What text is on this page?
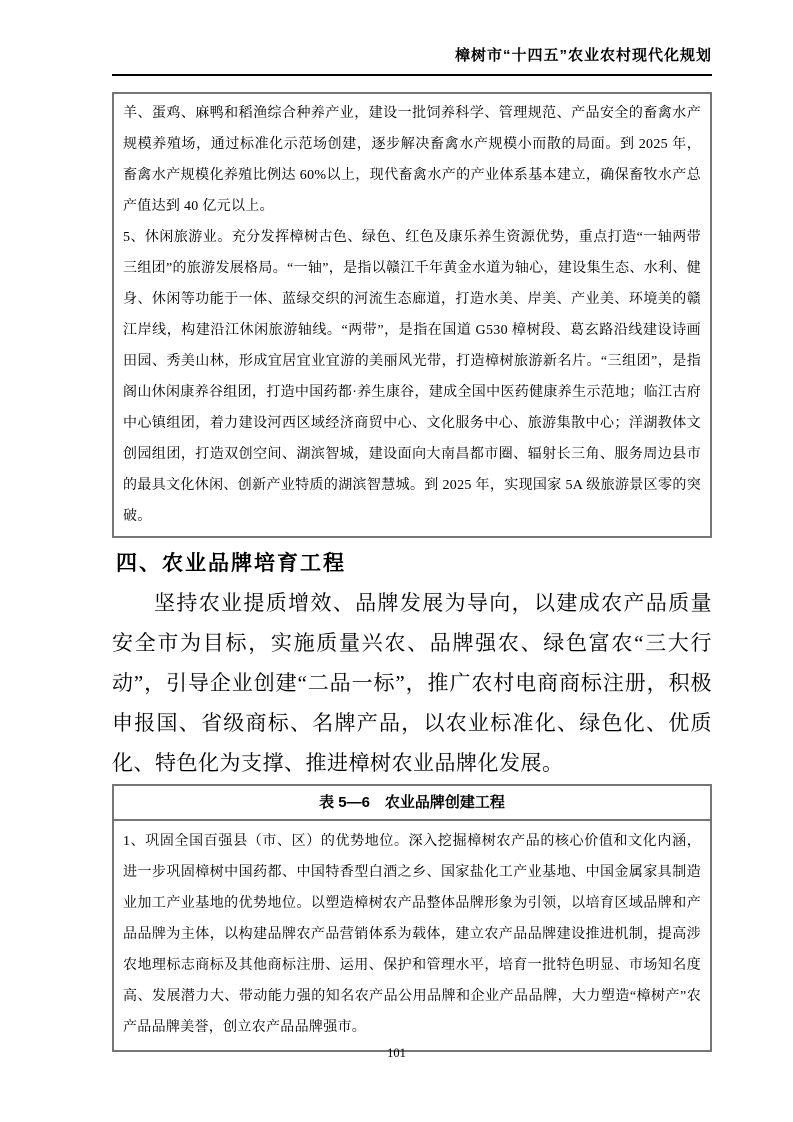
樟树市“十四五”农业农村现代化规划

羊、蛋鸡、麻鸭和稻渔综合种养产业，建设一批饲养科学、管理规范、产品安全的畜禽水产规模养殖场，通过标准化示范场创建，逐步解决畜禽水产规模小而散的局面。到 2025 年，畜禽水产规模化养殖比例达 60%以上，现代畜禽水产的产业体系基本建立，确保畜牧水产总产值达到 40 亿元以上。

5、休闲旅游业。充分发挥樟树古色、绿色、红色及康乐养生资源优势，重点打造“一轴两带三组团”的旅游发展格局。“一轴”，是指以赣江千年黄金水道为轴心，建设集生态、水利、健身、休闲等功能于一体、蓝绿交织的河流生态廊道，打造水美、岸美、产业美、环境美的赣江岸线，构建沿江休闲旅游轴线。“两带”，是指在国道 G530 樟树段、葛玄路沿线建设诗画田园、秀美山林，形成宜居宜业宜游的美丽风光带，打造樟树旅游新名片。“三组团”，是指阁山休闲康养谷组团，打造中国药都·养生康谷，建成全国中医药健康养生示范地；临江古府中心镇组团，着力建设河西区域经济商贸中心、文化服务中心、旅游集散中心；洋湖教体文创园组团，打造双创空间、湖滨智城，建设面向大南昌都市圈、辐射长三角、服务周边县市的最具文化休闲、创新产业特质的湖滨智慧城。到 2025 年，实现国家 5A 级旅游景区零的突破。

四、农业品牌培育工程

坚持农业提质增效、品牌发展为导向，以建成农产品质量安全市为目标，实施质量兴农、品牌强农、绿色富农“三大行动”，引导企业创建“二品一标”，推广农村电商商标注册，积极申报国、省级商标、名牌产品，以农业标准化、绿色化、优质化、特色化为支撑、推进樟树农业品牌化发展。

表 5—6　农业品牌创建工程

1、巩固全国百强县（市、区）的优势地位。深入挖掘樟树农产品的核心价值和文化内涵，进一步巩固樟树中国药都、中国特香型白酒之乡、国家盐化工产业基地、中国金属家具制造业加工产业基地的优势地位。以塑造樟树农产品整体品牌形象为引领，以培育区域品牌和产品品牌为主体，以构建品牌农产品营销体系为载体，建立农产品品牌建设推进机制，提高涉农地理标志商标及其他商标注册、运用、保护和管理水平，培育一批特色明显、市场知名度高、发展潜力大、带动能力强的知名农产品公用品牌和企业产品品牌，大力塑造“樟树产”农产品品牌美誉，创立农产品品牌强市。

101
